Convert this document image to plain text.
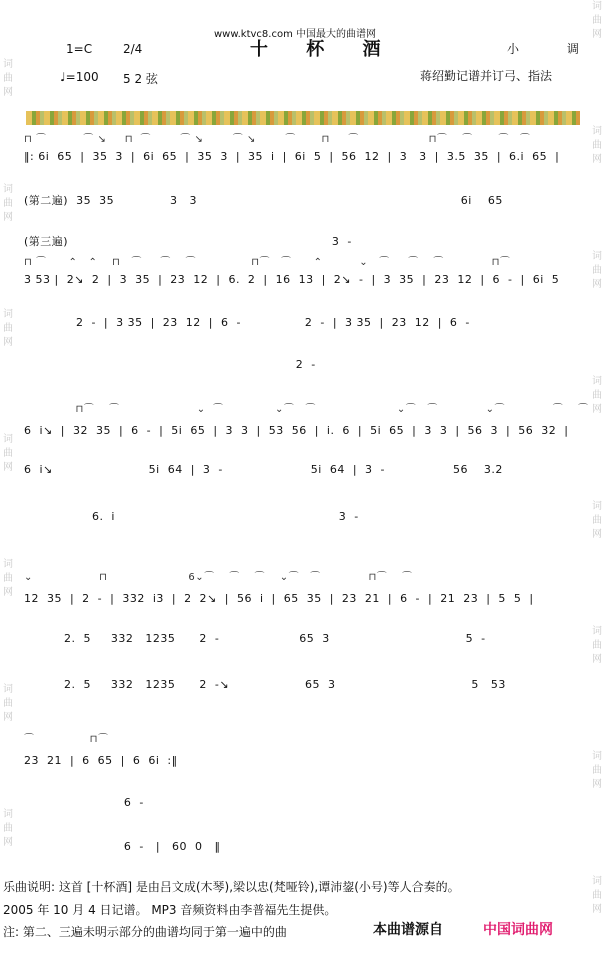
词曲网
词曲网
词曲网
词曲网
词曲网
词曲网
词曲网
词曲网
词曲网
词曲网
词曲网
词曲网
词曲网
词曲网
词曲网
www.ktvc8.com 中国最大的曲谱网
十 杯 酒
1=C	2/4	小 调
♩=100 5 2 弦	蒋绍勤记谱并订弓、指法
⊓ ⌒          ⌒ ↘     ⊓  ⌒        ⌒ ↘        ⌒ ↘        ⌒       ⊓     ⌒                   ⊓⌒    ⌒       ⌒   ⌒
‖: 6i  65  |  35  3  |  6i  65  |  35  3  |  35  i  |  6i  5  |  56  12  |  3   3  |  3.5  35  |  6.i  65  |
(第二遍)  35  35              3   3                                                                  6i    65
(第三遍)                                                                  3  -
⊓ ⌒      ⌃   ⌃    ⊓   ⌒     ⌒    ⌒               ⊓⌒   ⌒      ⌃          ⌄   ⌒     ⌒    ⌒             ⊓⌒
3 53 |  2↘  2  |  3  35  |  23  12  |  6.  2  |  16  13  |  2↘  -  |  3  35  |  23  12  |  6  -  |  6i  5
2  -  |  3 35  |  23  12  |  6  -                2  -  |  3 35  |  23  12  |  6  -
2  -
⊓⌒    ⌒                     ⌄  ⌒              ⌄⌒   ⌒                      ⌄⌒   ⌒             ⌄⌒             ⌒    ⌒
6  i↘  |  32  35  |  6  -  |  5i  65  |  3  3  |  53  56  |  i.  6  |  5i  65  |  3  3  |  56  3  |  56  32  |
6  i↘                        5i  64  |  3  -                      5i  64  |  3  -                 56    3.2
6.  i                                                        3  -
⌄                  ⊓                      6⌄⌒    ⌒    ⌒    ⌄⌒   ⌒             ⊓⌒    ⌒
12  35  |  2  -  |  332  i3  |  2  2↘  |  56  i  |  65  35  |  23  21  |  6  -  |  21  23  |  5  5  |
2.  5     332   1235      2  -                    65  3                                  5  -
2.  5     332   1235      2  -↘                   65  3                                  5   53
⌒               ⊓⌒
23  21  |  6  65  |  6  6i  :‖
6  -
6  -   |   60  0   ‖
乐曲说明: 这首 [十杯酒] 是由吕文成(木琴),梁以忠(梵哑铃),谭沛鋆(小号)等人合奏的。
2005 年 10 月 4 日记谱。 MP3 音频资料由李普福先生提供。
注: 第二、三遍未明示部分的曲谱均同于第一遍中的曲	本曲谱源自	中国词曲网
